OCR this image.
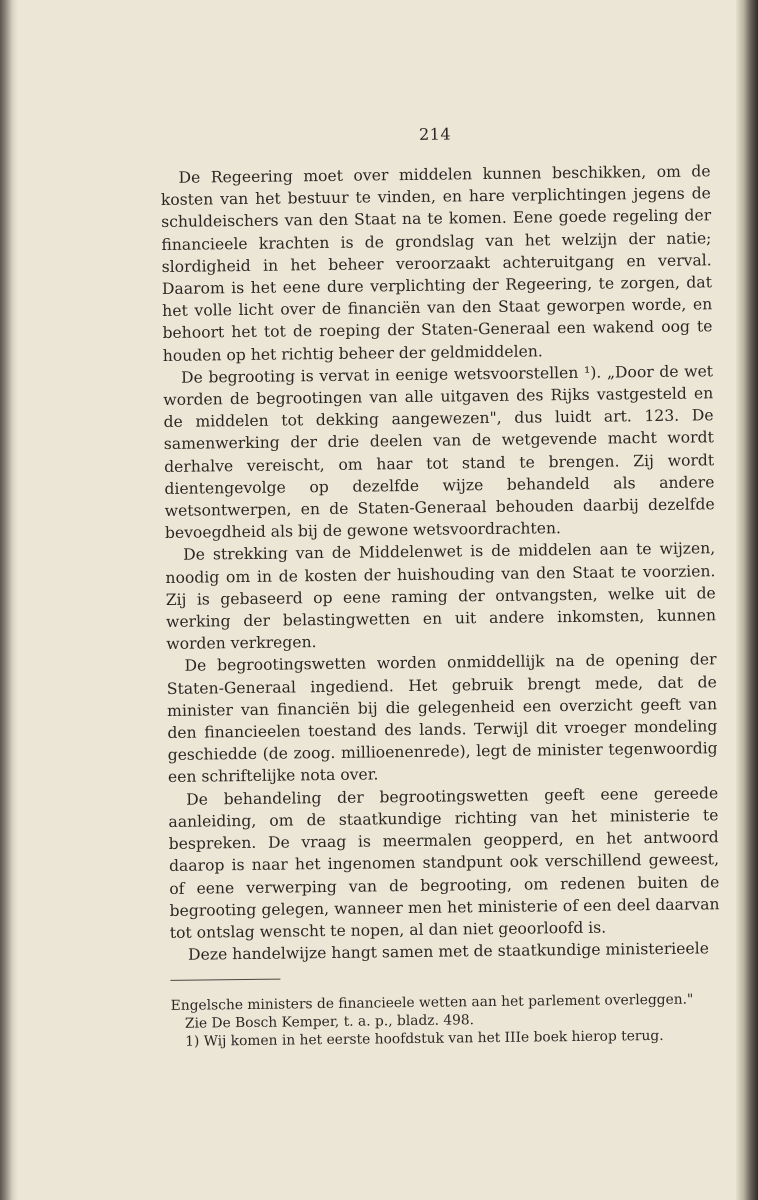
214

De Regeering moet over middelen kunnen beschikken, om de kosten van het bestuur te vinden, en hare verplichtingen jegens de schuldeischers van den Staat na te komen. Eene goede regeling der financieele krachten is de grondslag van het welzijn der natie; slordigheid in het beheer veroorzaakt achteruitgang en verval. Daarom is het eene dure verplichting der Regeering, te zorgen, dat het volle licht over de financiën van den Staat geworpen worde, en behoort het tot de roeping der Staten-Generaal een wakend oog te houden op het richtig beheer der geldmiddelen.

De begrooting is vervat in eenige wetsvoorstellen ¹). „Door de wet worden de begrootingen van alle uitgaven des Rijks vastgesteld en de middelen tot dekking aangewezen", dus luidt art. 123. De samenwerking der drie deelen van de wetgevende macht wordt derhalve vereischt, om haar tot stand te brengen. Zij wordt dientengevolge op dezelfde wijze behandeld als andere wetsontwerpen, en de Staten-Generaal behouden daarbij dezelfde bevoegdheid als bij de gewone wetsvoordrachten.

De strekking van de Middelenwet is de middelen aan te wijzen, noodig om in de kosten der huishouding van den Staat te voorzien. Zij is gebaseerd op eene raming der ontvangsten, welke uit de werking der belastingwetten en uit andere inkomsten, kunnen worden verkregen.

De begrootingswetten worden onmiddellijk na de opening der Staten-Generaal ingediend. Het gebruik brengt mede, dat de minister van financiën bij die gelegenheid een overzicht geeft van den financieelen toestand des lands. Terwijl dit vroeger mondeling geschiedde (de zoog. millioenenrede), legt de minister tegenwoordig een schriftelijke nota over.

De behandeling der begrootingswetten geeft eene gereede aanleiding, om de staatkundige richting van het ministerie te bespreken. De vraag is meermalen geopperd, en het antwoord daarop is naar het ingenomen standpunt ook verschillend geweest, of eene verwerping van de begrooting, om redenen buiten de begrooting gelegen, wanneer men het ministerie of een deel daarvan tot ontslag wenscht te nopen, al dan niet geoorloofd is.

Deze handelwijze hangt samen met de staatkundige ministerieele

Engelsche ministers de financieele wetten aan het parlement overleggen."

Zie De Bosch Kemper, t. a. p., bladz. 498.

1) Wij komen in het eerste hoofdstuk van het IIIe boek hierop terug.
